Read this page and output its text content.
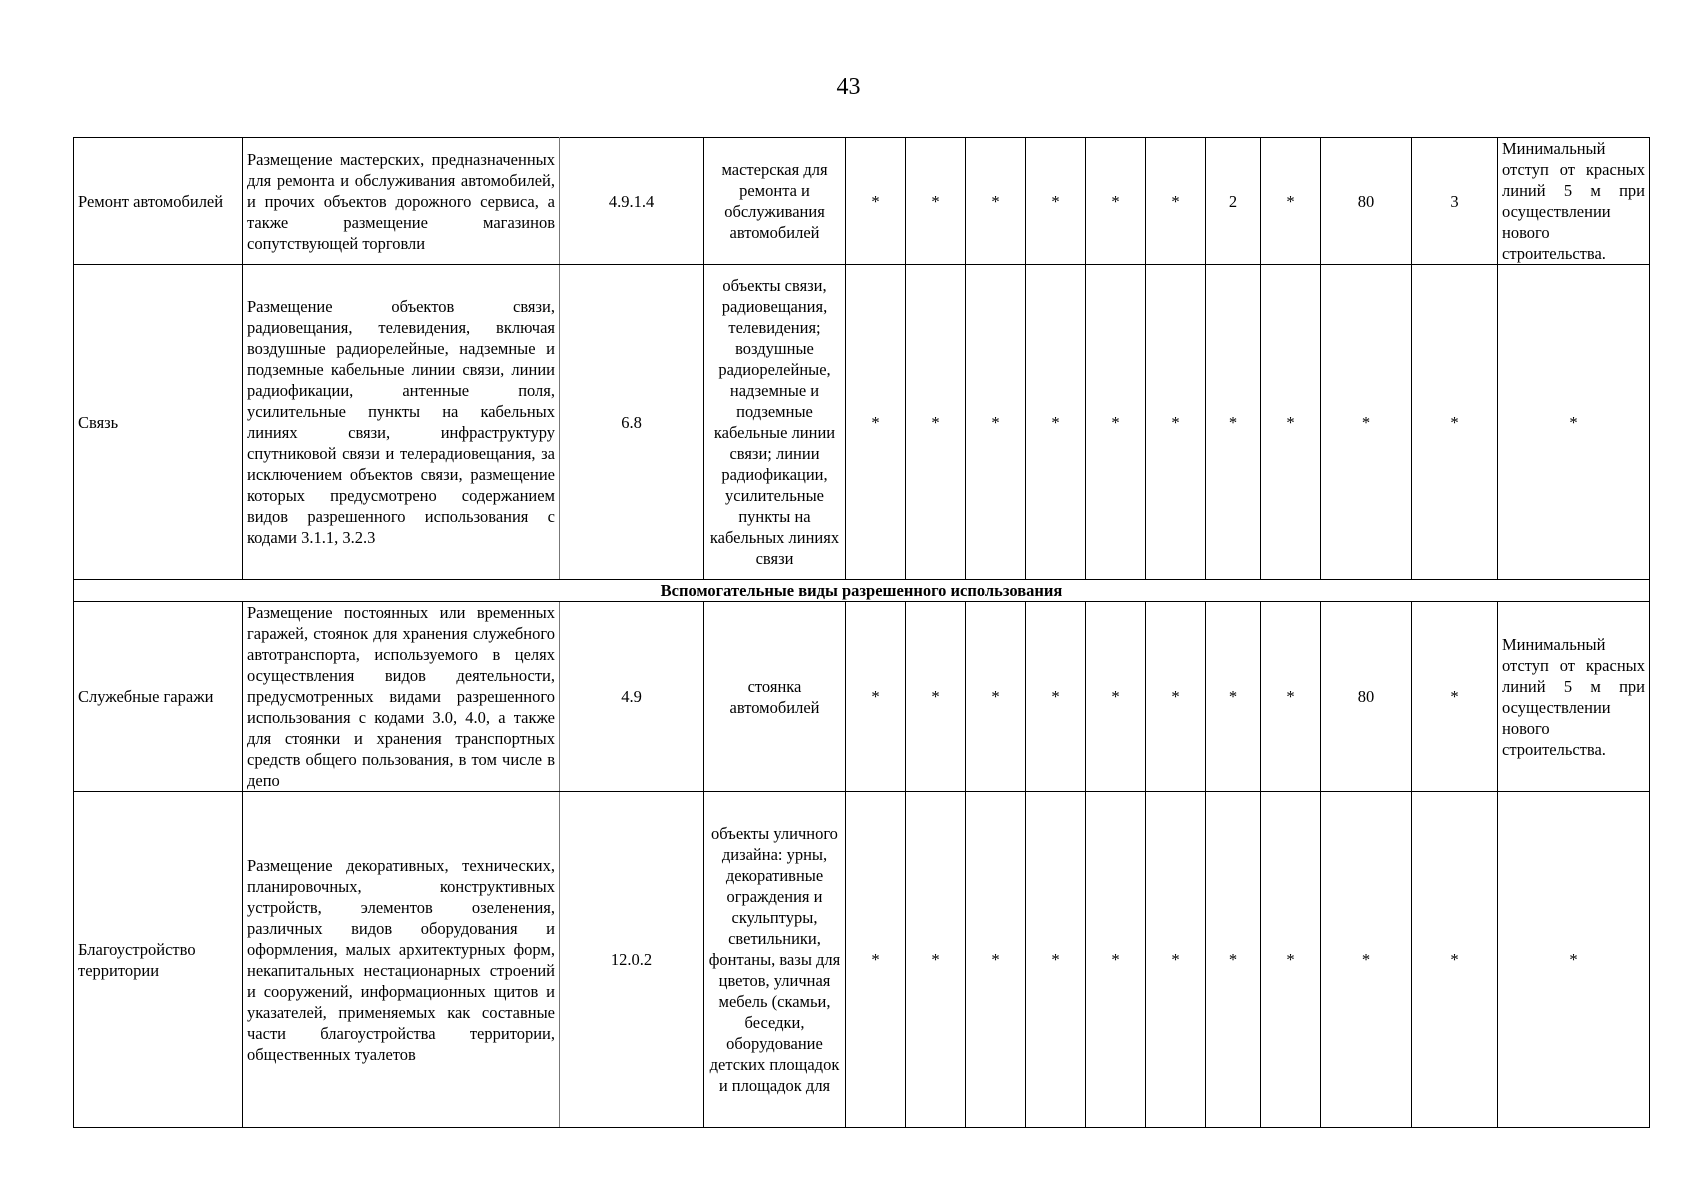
43
Ремонт автомобилей	Размещение мастерских, предназначенных для ремонта и обслуживания автомобилей, и прочих объектов дорожного сервиса, а также размещение магазинов сопутствующей торговли	4.9.1.4	мастерская для ремонта и обслуживания автомобилей	*	*	*	*	*	*	2	*	80	3	Минимальный отступ от красных линий 5 м при осуществлении нового строительства.
Связь	Размещение объектов связи, радиовещания, телевидения, включая воздушные радиорелейные, надземные и подземные кабельные линии связи, линии радиофикации, антенные поля, усилительные пункты на кабельных линиях связи, инфраструктуру спутниковой связи и телерадиовещания, за исключением объектов связи, размещение которых предусмотрено содержанием видов разрешенного использования с кодами 3.1.1, 3.2.3	6.8	объекты связи, радиовещания, телевидения; воздушные радиорелейные, надземные и подземные кабельные линии связи; линии радиофикации, усилительные пункты на кабельных линиях связи	*	*	*	*	*	*	*	*	*	*	*
Вспомогательные виды разрешенного использования														
Служебные гаражи	Размещение постоянных или временных гаражей, стоянок для хранения служебного автотранспорта, используемого в целях осуществления видов деятельности, предусмотренных видами разрешенного использования с кодами 3.0, 4.0, а также для стоянки и хранения транспортных средств общего пользования, в том числе в депо	4.9	стоянка автомобилей	*	*	*	*	*	*	*	*	80	*	Минимальный отступ от красных линий 5 м при осуществлении нового строительства.
Благоустройство территории	Размещение декоративных, технических, планировочных, конструктивных устройств, элементов озеленения, различных видов оборудования и оформления, малых архитектурных форм, некапитальных нестационарных строений и сооружений, информационных щитов и указателей, применяемых как составные части благоустройства территории, общественных туалетов	12.0.2	объекты уличного дизайна: урны, декоративные ограждения и скульптуры, светильники, фонтаны, вазы для цветов, уличная мебель (скамьи, беседки, оборудование детских площадок и площадок для	*	*	*	*	*	*	*	*	*	*	*
